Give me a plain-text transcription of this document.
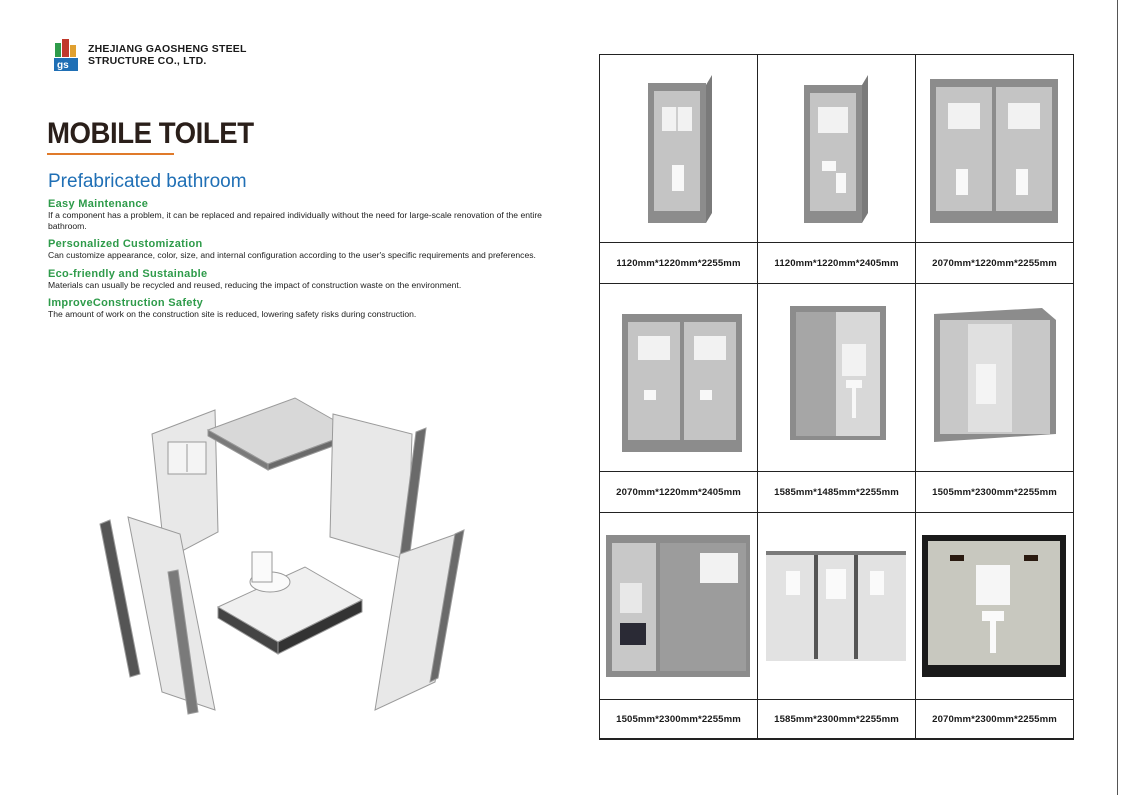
gs
ZHEJIANG GAOSHENG STEEL
STRUCTURE CO., LTD.
MOBILE TOILET
Prefabricated bathroom
Easy Maintenance
If a component has a problem, it can be replaced and repaired individually without the need for large-scale renovation of the entire bathroom.
Personalized Customization
Can customize appearance, color, size, and internal configuration according to the user's specific requirements and preferences.
Eco-friendly and Sustainable
Materials can usually be recycled and reused, reducing the impact of construction waste on the environment.
ImproveConstruction Safety
The amount of work on the construction site is reduced, lowering safety risks during construction.
1120mm*1220mm*2255mm	1120mm*1220mm*2405mm	2070mm*1220mm*2255mm
2070mm*1220mm*2405mm	1585mm*1485mm*2255mm	1505mm*2300mm*2255mm
1505mm*2300mm*2255mm	1585mm*2300mm*2255mm	2070mm*2300mm*2255mm
